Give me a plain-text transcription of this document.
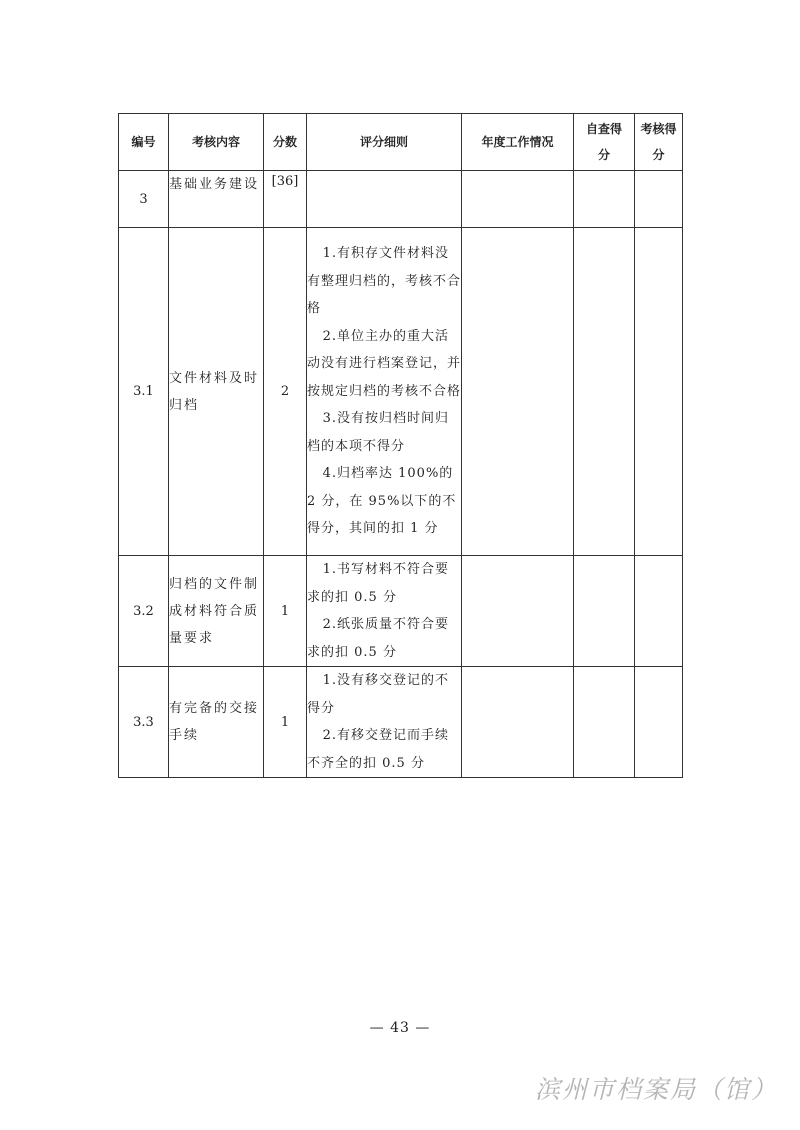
编号	考核内容	分数	评分细则	年度工作情况	自查得分	考核得分

3	基础业务建设	[36]				
3.1	文件材料及时归档	2	1.有积存文件材料没有整理归档的，考核不合格
2.单位主办的重大活动没有进行档案登记，并按规定归档的考核不合格
3.没有按归档时间归档的本项不得分
4.归档率达 100%的 2 分，在 95%以下的不得分，其间的扣 1 分			

3.2	归档的文件制成材料符合质量要求	1	1.书写材料不符合要求的扣 0.5 分
2.纸张质量不符合要求的扣 0.5 分			

3.3	有完备的交接手续	1	1.没有移交登记的不得分
2.有移交登记而手续不齐全的扣 0.5 分			

— 43 —
滨州市档案局（馆）
